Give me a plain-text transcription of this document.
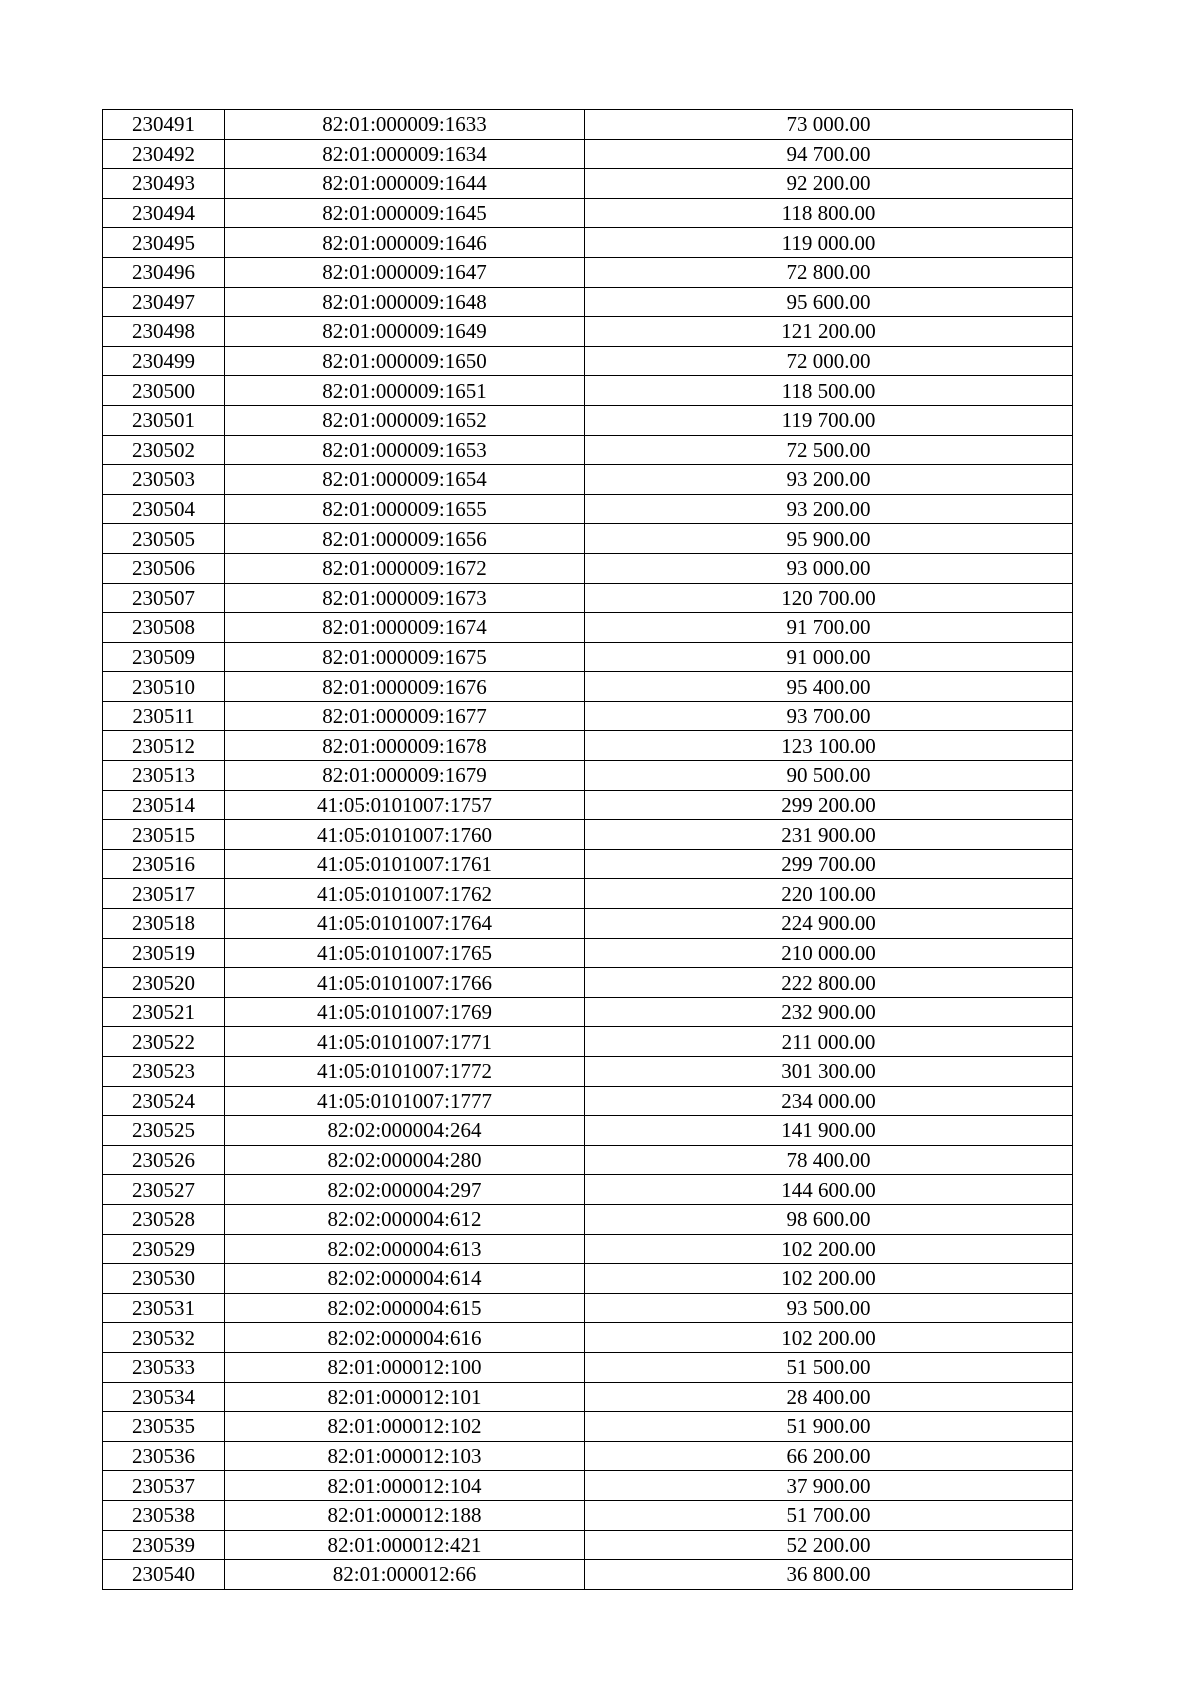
230491	82:01:000009:1633	73 000.00
230492	82:01:000009:1634	94 700.00
230493	82:01:000009:1644	92 200.00
230494	82:01:000009:1645	118 800.00
230495	82:01:000009:1646	119 000.00
230496	82:01:000009:1647	72 800.00
230497	82:01:000009:1648	95 600.00
230498	82:01:000009:1649	121 200.00
230499	82:01:000009:1650	72 000.00
230500	82:01:000009:1651	118 500.00
230501	82:01:000009:1652	119 700.00
230502	82:01:000009:1653	72 500.00
230503	82:01:000009:1654	93 200.00
230504	82:01:000009:1655	93 200.00
230505	82:01:000009:1656	95 900.00
230506	82:01:000009:1672	93 000.00
230507	82:01:000009:1673	120 700.00
230508	82:01:000009:1674	91 700.00
230509	82:01:000009:1675	91 000.00
230510	82:01:000009:1676	95 400.00
230511	82:01:000009:1677	93 700.00
230512	82:01:000009:1678	123 100.00
230513	82:01:000009:1679	90 500.00
230514	41:05:0101007:1757	299 200.00
230515	41:05:0101007:1760	231 900.00
230516	41:05:0101007:1761	299 700.00
230517	41:05:0101007:1762	220 100.00
230518	41:05:0101007:1764	224 900.00
230519	41:05:0101007:1765	210 000.00
230520	41:05:0101007:1766	222 800.00
230521	41:05:0101007:1769	232 900.00
230522	41:05:0101007:1771	211 000.00
230523	41:05:0101007:1772	301 300.00
230524	41:05:0101007:1777	234 000.00
230525	82:02:000004:264	141 900.00
230526	82:02:000004:280	78 400.00
230527	82:02:000004:297	144 600.00
230528	82:02:000004:612	98 600.00
230529	82:02:000004:613	102 200.00
230530	82:02:000004:614	102 200.00
230531	82:02:000004:615	93 500.00
230532	82:02:000004:616	102 200.00
230533	82:01:000012:100	51 500.00
230534	82:01:000012:101	28 400.00
230535	82:01:000012:102	51 900.00
230536	82:01:000012:103	66 200.00
230537	82:01:000012:104	37 900.00
230538	82:01:000012:188	51 700.00
230539	82:01:000012:421	52 200.00
230540	82:01:000012:66	36 800.00
